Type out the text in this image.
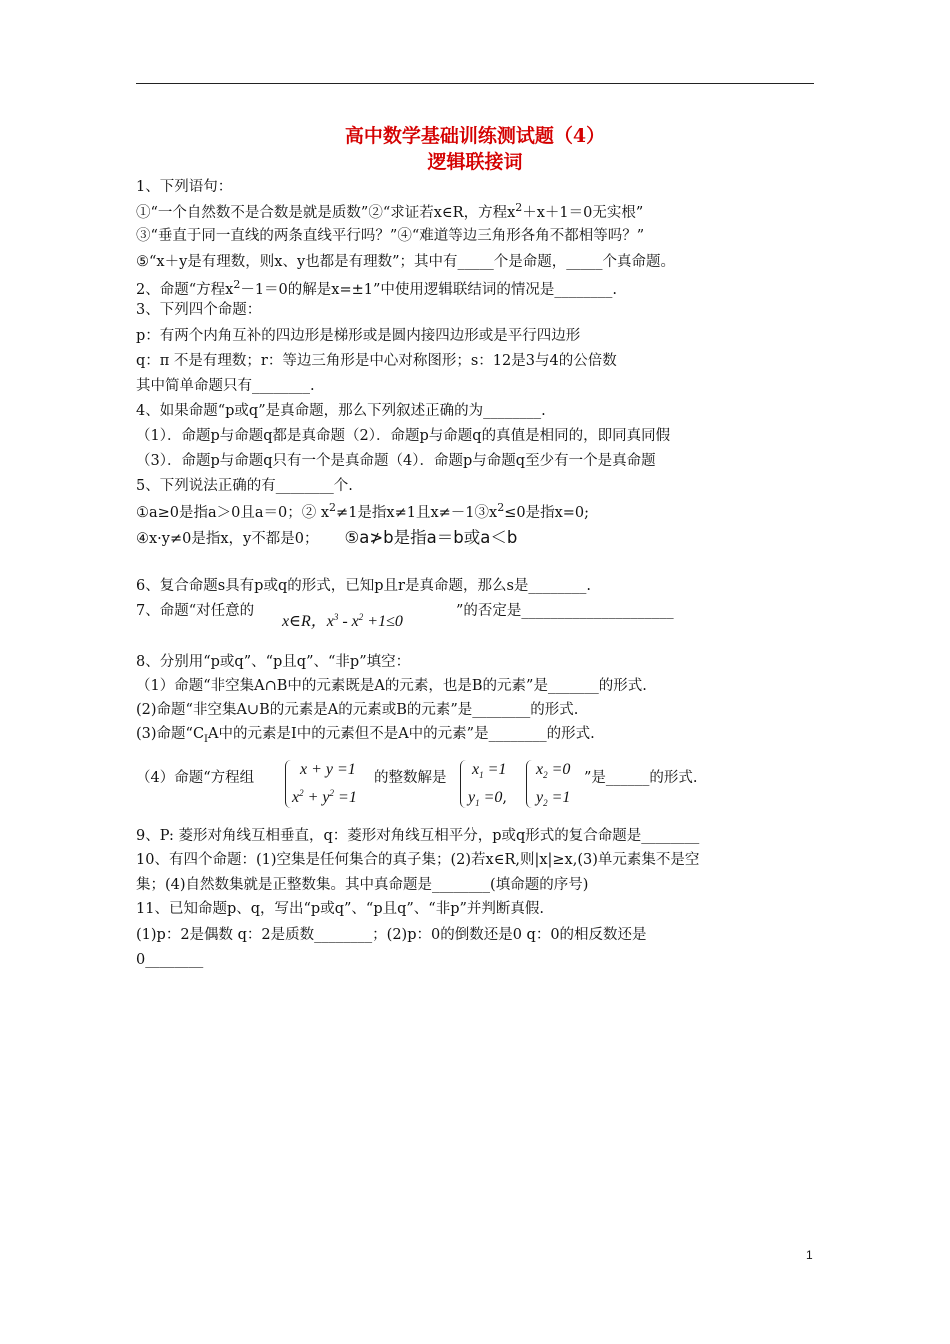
高中数学基础训练测试题（4）
逻辑联接词
1、下列语句：
①“一个自然数不是合数是就是质数”②“求证若x∈R，方程$x^2+x+1=0$无实根”
③“垂直于同一直线的两条直线平行吗？”④“难道等边三角形各角不都相等吗？”
⑤“x＋y是有理数，则x、y也都是有理数”；其中有_____个是命题，_____个真命题。
2、命题“方程$x^2-1=0$的解是x=±1”中使用逻辑联结词的情况是________.
3、下列四个命题：
p：有两个内角互补的四边形是梯形或是圆内接四边形或是平行四边形
q：π 不是有理数；r：等边三角形是中心对称图形；s：12是3与4的公倍数
其中简单命题只有________.
4、如果命题“p或q”是真命题，那么下列叙述正确的为________.
（1）．命题p与命题q都是真命题（2）．命题p与命题q的真值是相同的，即同真同假
（3）．命题p与命题q只有一个是真命题（4）．命题p与命题q至少有一个是真命题
5、下列说法正确的有________个.
①a≥0是指a＞0且a＝0；② $x^2\ne 1$是指x≠1且$x\ne-1③x^2\le 0$是指x=0;
④x·y≠0是指x，y不都是0； ⑤a≯b是指a＝b或a＜b
6、复合命题s具有p或q的形式，已知p且r是真命题，那么s是________.
7、命题“对任意的
x∈R，$x^3 - x^2 +1\le 0$
”的否定是_____________________
8、分别用“p或q”、“p且q”、“非p”填空：
（1）命题“非空集A∩B中的元素既是A的元素，也是B的元素”是_______的形式.
(2)命题“非空集A∪B的元素是A的元素或B的元素”是________的形式.
(3)命题“$C_IA$中的元素是I中的元素但不是A中的元素”是________的形式.
（4）命题“方程组	x + y =1
$x^2 + y^2 =1$
的整数解是 $x_1 =1$
$y_1 =0$,
$x_2 =0$
$y_2 =1$
”是______的形式.
9、P: 菱形对角线互相垂直，q：菱形对角线互相平分，p或q形式的复合命题是________
10、有四个命题：(1)空集是任何集合的真子集；(2)若x∈R,则|x|≥x,(3)单元素集不是空
集；(4)自然数集就是正整数集。其中真命题是________(填命题的序号)
11、已知命题p、q，写出“p或q”、“p且q”、“非p”并判断真假.
(1)p：2是偶数 q：2是质数________；(2)p：0的倒数还是0 q：0的相反数还是
0________
1
